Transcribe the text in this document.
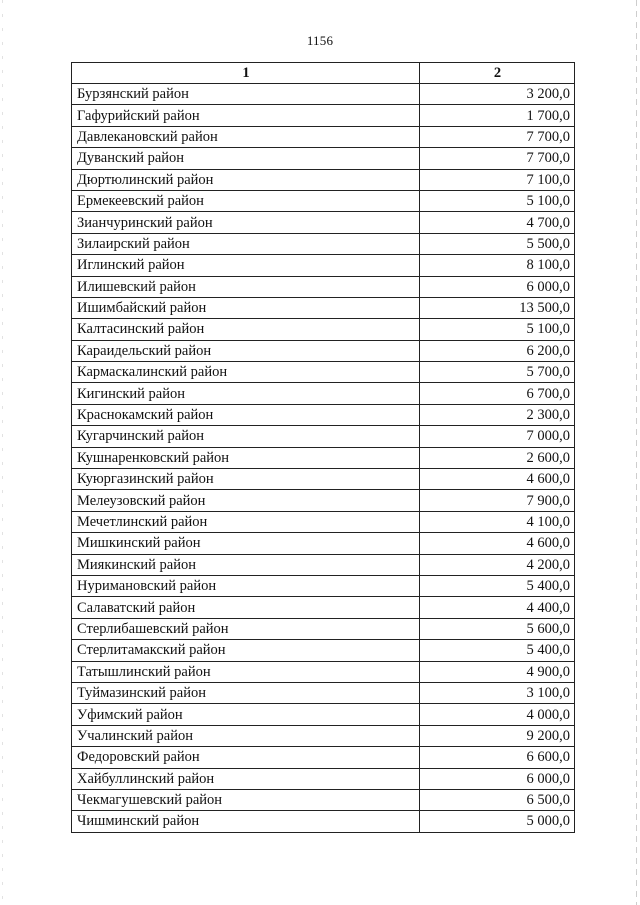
1156
1	2
Бурзянский район	3 200,0
Гафурийский район	1 700,0
Давлекановский район	7 700,0
Дуванский район	7 700,0
Дюртюлинский район	7 100,0
Ермекеевский район	5 100,0
Зианчуринский район	4 700,0
Зилаирский район	5 500,0
Иглинский район	8 100,0
Илишевский район	6 000,0
Ишимбайский район	13 500,0
Калтасинский район	5 100,0
Караидельский район	6 200,0
Кармаскалинский район	5 700,0
Кигинский район	6 700,0
Краснокамский район	2 300,0
Кугарчинский район	7 000,0
Кушнаренковский район	2 600,0
Куюргазинский район	4 600,0
Мелеузовский район	7 900,0
Мечетлинский район	4 100,0
Мишкинский район	4 600,0
Миякинский район	4 200,0
Нуримановский район	5 400,0
Салаватский район	4 400,0
Стерлибашевский район	5 600,0
Стерлитамакский район	5 400,0
Татышлинский район	4 900,0
Туймазинский район	3 100,0
Уфимский район	4 000,0
Учалинский район	9 200,0
Федоровский район	6 600,0
Хайбуллинский район	6 000,0
Чекмагушевский район	6 500,0
Чишминский район	5 000,0
